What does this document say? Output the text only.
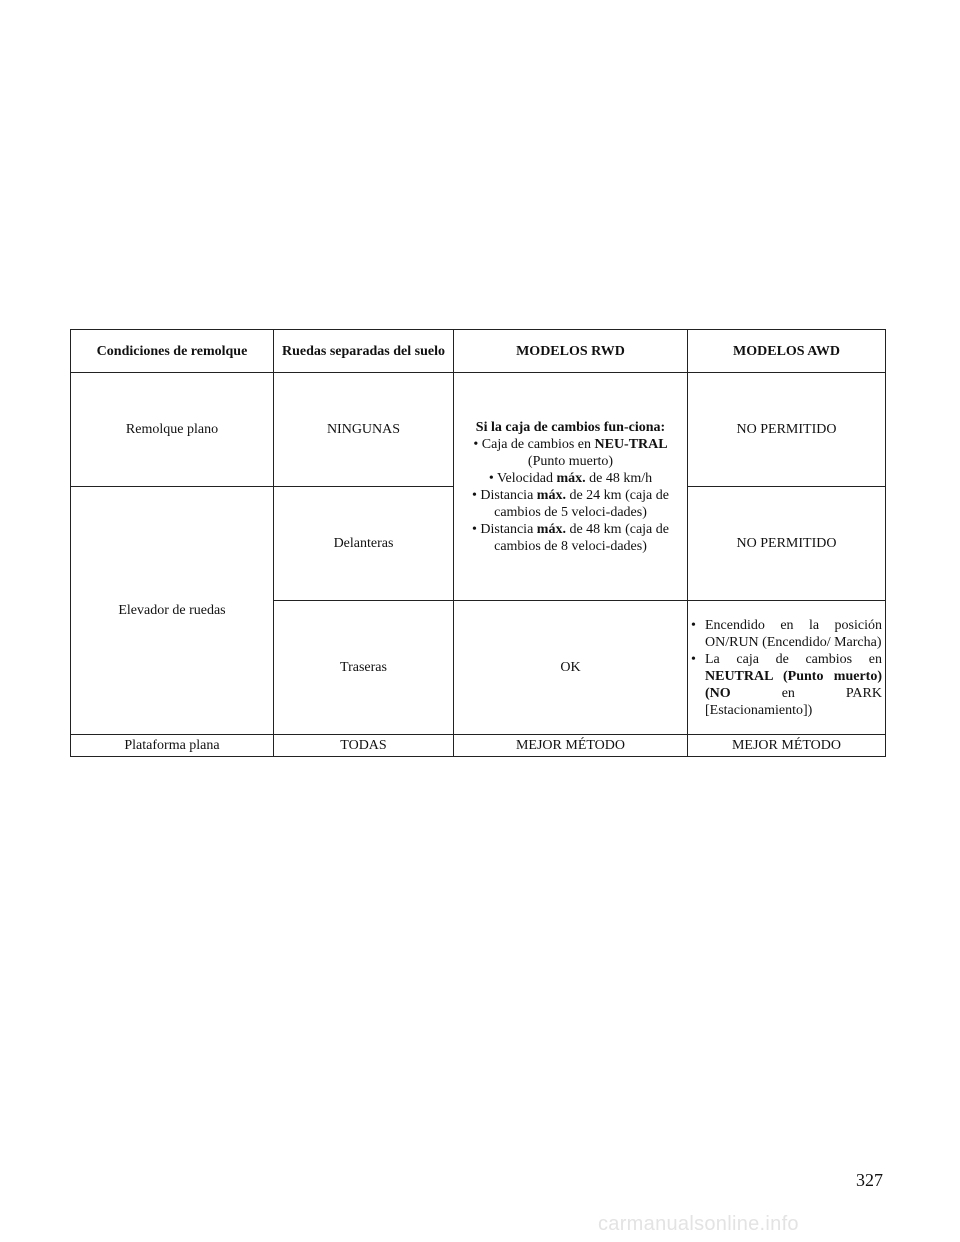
Condiciones de remolque	Ruedas separadas del suelo	MODELOS RWD	MODELOS AWD
Remolque plano	NINGUNAS	Si la caja de cambios fun-ciona:
• Caja de cambios en NEU-TRAL (Punto muerto)
• Velocidad máx. de 48 km/h
• Distancia máx. de 24 km (caja de cambios de 5 veloci-dades)
• Distancia máx. de 48 km (caja de cambios de 8 veloci-dades)	NO PERMITIDO
Elevador de ruedas	Delanteras		NO PERMITIDO
	Traseras	OK	• Encendido en la posición ON/RUN (Encendido/ Marcha)
• La caja de cambios en NEUTRAL (Punto muerto) (NO en PARK [Estacionamiento])

Plataforma plana	TODAS	MEJOR MÉTODO	MEJOR MÉTODO
327
carmanualsonline.info
